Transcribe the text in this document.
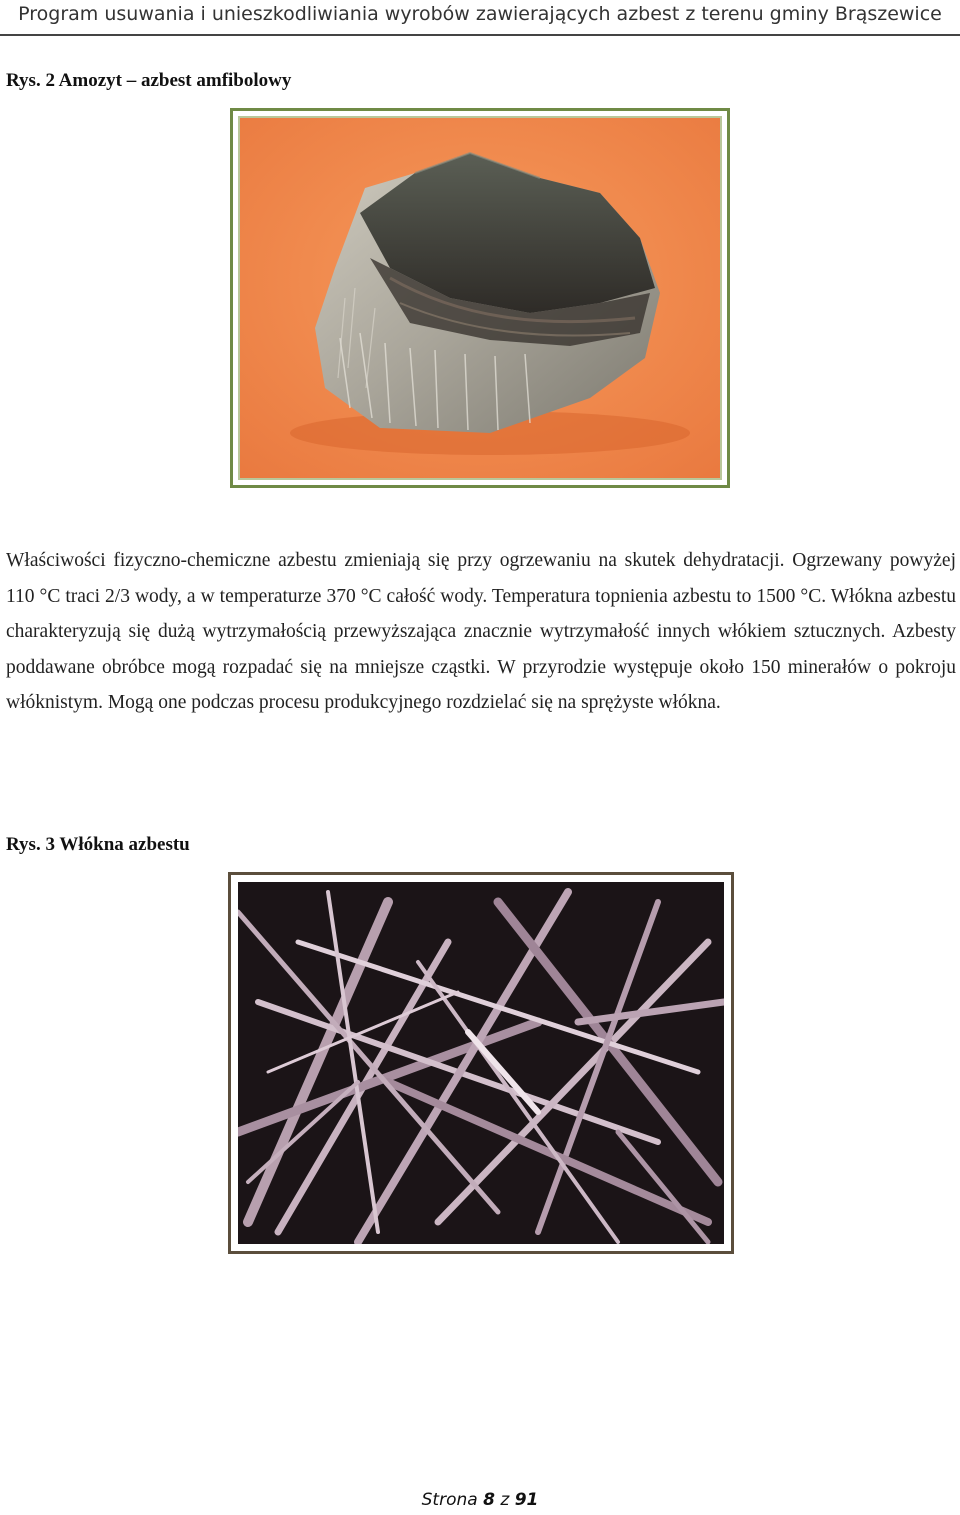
Program usuwania i unieszkodliwiania wyrobów zawierających azbest z terenu gminy Brąszewice
Rys. 2 Amozyt – azbest amfibolowy

Właściwości fizyczno-chemiczne azbestu zmieniają się przy ogrzewaniu na skutek dehydratacji. Ogrzewany powyżej 110 °C traci 2/3 wody, a w temperaturze 370 °C całość wody. Temperatura topnienia azbestu to 1500 °C. Włókna azbestu charakteryzują się dużą wytrzymałością przewyższająca znacznie wytrzymałość innych włókiem sztucznych. Azbesty poddawane obróbce mogą rozpadać się na mniejsze cząstki. W przyrodzie występuje około 150 minerałów o pokroju włóknistym. Mogą one podczas procesu produkcyjnego rozdzielać się na sprężyste włókna.

Rys. 3 Włókna azbestu
Strona 8 z 91
